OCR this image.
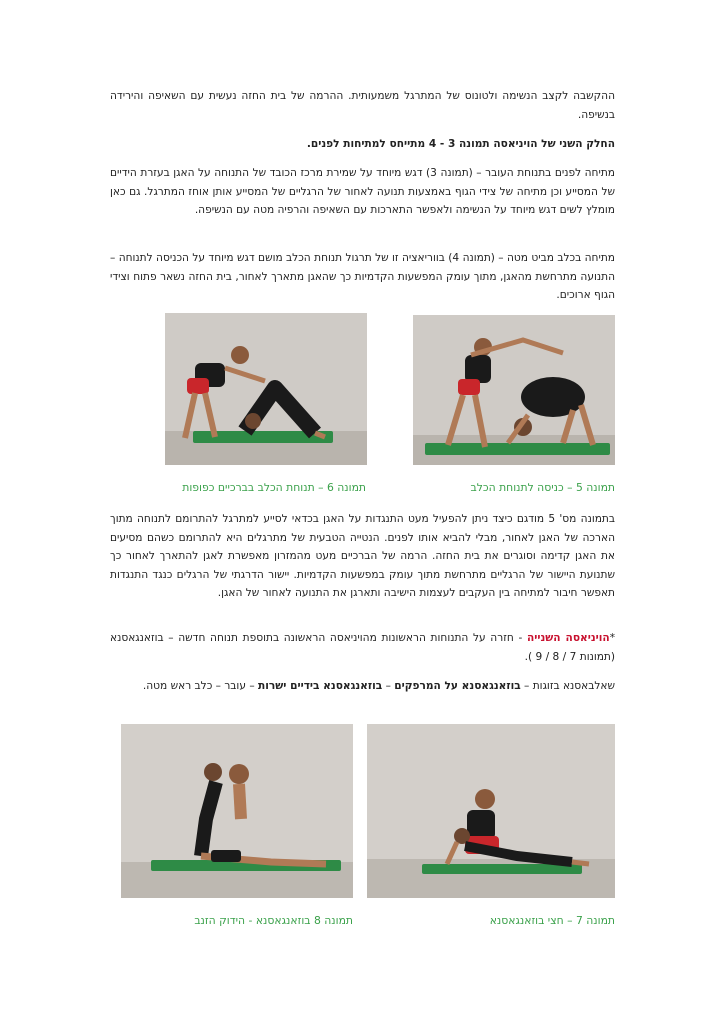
ההקשבה לקצב הנשימה ולטונוס של המתרגל משמעותית. ההרמה של בית החזה נעשית עם השאיפה והירידה בנשיפה.
החלק השני של הויניאסה תמונה 3 - 4 מתייחס למתיחות לפנים.
מתיחה לפנים בתנוחת העובר – (תמונה 3) דגש מיוחד על שמירת מרכז הכובד של התנוחה על האגן בעזרת הידיים של המסייע וכן מתיחה של צידי הגוף באמצעות תנועה לאחור של הרגליים של המסייע אותן אוחז המתרגל. גם כאן מומלץ לשים דגש מיוחד על הנשימה ולאפשר התארכות עם השאיפה והרפיה מטה עם הנשיפה.
מתיחה בכלב מביט מטה – (תמונה 4) בווריאציה זו של תרגול תנוחת הכלב מושם דגש מיוחד על הכניסה לתנוחה – התנועה מתרחשת מהאגן, מתוך עומק המפשעות הקדמיות כך שהאגן מתארך לאחור, בית החזה נשאר פתוח וצידי הגוף ארוכים.
תמונה 5 – כניסה לתנוחת הכלב
תמונה 6 – תנוחת הכלב בברכיים כפופות
בתמונה מס' 5 מודגם כיצד ניתן להפעיל מעט התנגדות על האגן בכדאי לסייע למתרגל להתרומם לתנוחה מתוך הארכה של האגן לאחור, מבלי להביא אותו לפנים. הנטייה הטבעית של מתרגלים היא להתרומם כשהם מסיעים את האגן קדימה וסוגרים את בית החזה. הרמה של הברכיים מעט מהמזרון מאפשרת לאגן להתארך לאחור כך שתנועת היישור של הרגליים מתרחשת מתוך עומק במפשעות הקדמיות. יישור הדרגתי של הרגלים כנגד התנגדות תאפשר חיבור למתיחה בין העקבים לעצמות הישיבה ותארגן את התנועה לאחור של האגן.
*הויניאסה השנייה - חזרה על התנוחות הראשונות מהויניאסה הראשונה בתוספת תנוחה חדשה – בוזאנגאסנא (תמונות 7 / 8 / 9 ).
שאלבאסנא בזוגות – בוזאנגאסנא על המרפקים – בוזאנגאסנא בידיים ישרות – עובר – כלב ראש מטה.
תמונה 7 – חצי בוזאנגאסנא
תמונה 8 בוזאנגאסנא - הידוק הזנב
